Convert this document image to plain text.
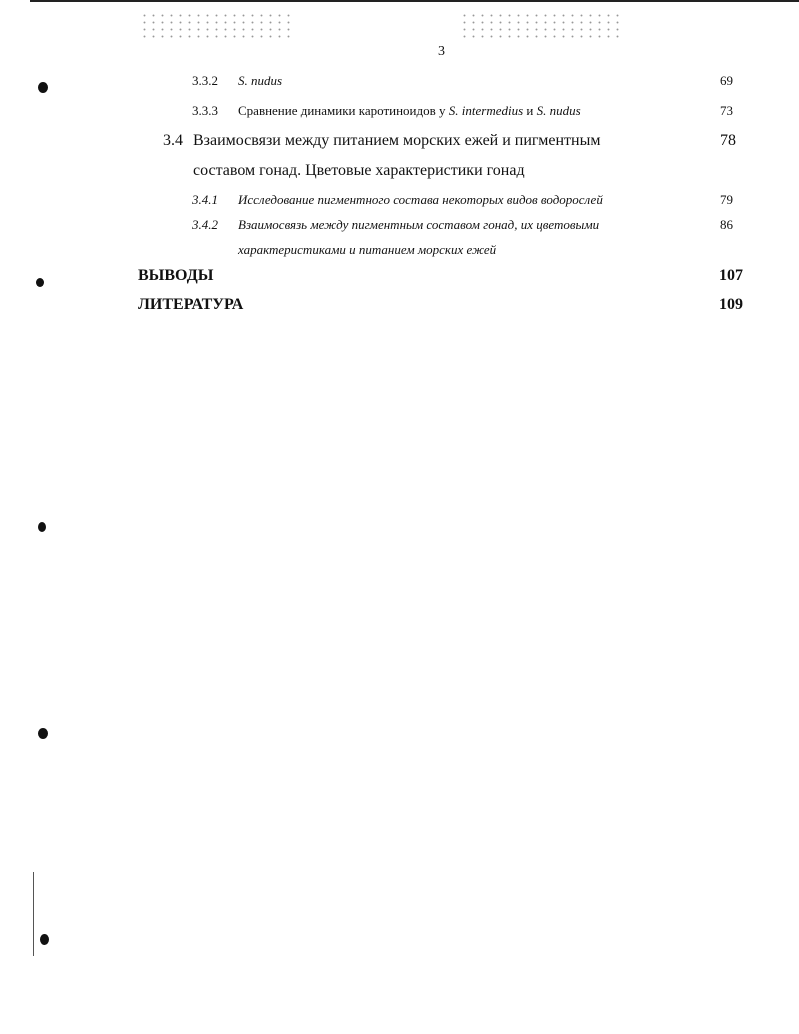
3
3.3.2 S. nudus	69
3.3.3 Сравнение динамики каротиноидов у S. intermedius и S. nudus	73
3.4 Взаимосвязи между питанием морских ежей и пигментным	78
составом гонад. Цветовые характеристики гонад
3.4.1 Исследование пигментного состава некоторых видов водорослей	79
3.4.2 Взаимосвязь между пигментным составом гонад, их цветовыми	86
характеристиками и питанием морских ежей
ВЫВОДЫ	107
ЛИТЕРАТУРА	109
